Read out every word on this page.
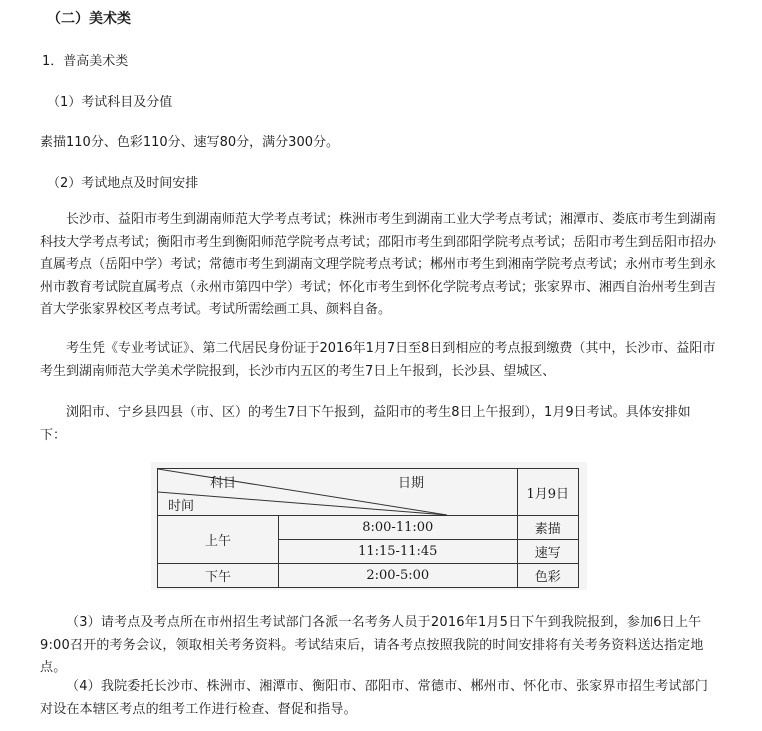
（二）美术类
1．普高美术类
（1）考试科目及分值
素描110分、色彩110分、速写80分，满分300分。
（2）考试地点及时间安排

长沙市、益阳市考生到湖南师范大学考点考试；株洲市考生到湖南工业大学考点考试；湘潭市、娄底市考生到湖南科技大学考点考试；衡阳市考生到衡阳师范学院考点考试；邵阳市考生到邵阳学院考点考试；岳阳市考生到岳阳市招办直属考点（岳阳中学）考试；常德市考生到湖南文理学院考点考试；郴州市考生到湘南学院考点考试；永州市考生到永州市教育考试院直属考点（永州市第四中学）考试；怀化市考生到怀化学院考点考试；张家界市、湘西自治州考生到吉首大学张家界校区考点考试。考试所需绘画工具、颜料自备。

考生凭《专业考试证》、第二代居民身份证于2016年1月7日至8日到相应的考点报到缴费（其中，长沙市、益阳市考生到湖南师范大学美术学院报到，长沙市内五区的考生7日上午报到，长沙县、望城区、

浏阳市、宁乡县四县（市、区）的考生7日下午报到，益阳市的考生8日上午报到），1月9日考试。具体安排如下：

科目 日期
时间		1月9日
上午	8:00-11:00	素描
	11:15-11:45	速写
下午	2:00-5:00	色彩

（3）请考点及考点所在市州招生考试部门各派一名考务人员于2016年1月5日下午到我院报到，参加6日上午9:00召开的考务会议，领取相关考务资料。考试结束后，请各考点按照我院的时间安排将有关考务资料送达指定地点。

（4）我院委托长沙市、株洲市、湘潭市、衡阳市、邵阳市、常德市、郴州市、怀化市、张家界市招生考试部门对设在本辖区考点的组考工作进行检查、督促和指导。
